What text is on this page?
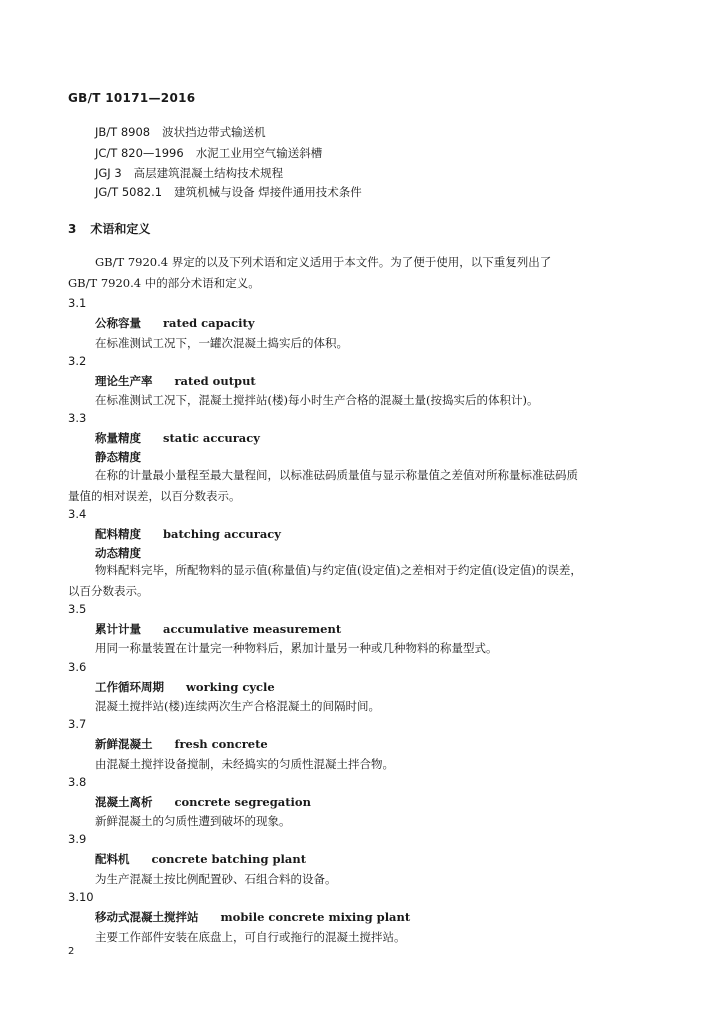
GB/T 10171—2016
JB/T 8908 波状挡边带式输送机
JC/T 820—1996 水泥工业用空气输送斜槽
JGJ 3 高层建筑混凝土结构技术规程
JG/T 5082.1 建筑机械与设备 焊接件通用技术条件
3 术语和定义
GB/T 7920.4 界定的以及下列术语和定义适用于本文件。为了便于使用，以下重复列出了
GB/T 7920.4 中的部分术语和定义。
3.1
公称容量 rated capacity
在标准测试工况下，一罐次混凝土捣实后的体积。
3.2
理论生产率 rated output
在标准测试工况下，混凝土搅拌站(楼)每小时生产合格的混凝土量(按捣实后的体积计)。
3.3
称量精度 static accuracy
静态精度
在称的计量最小量程至最大量程间，以标准砝码质量值与显示称量值之差值对所称量标准砝码质
量值的相对误差，以百分数表示。
3.4
配料精度 batching accuracy
动态精度
物料配料完毕，所配物料的显示值(称量值)与约定值(设定值)之差相对于约定值(设定值)的误差，
以百分数表示。
3.5
累计计量 accumulative measurement
用同一称量装置在计量完一种物料后，累加计量另一种或几种物料的称量型式。
3.6
工作循环周期 working cycle
混凝土搅拌站(楼)连续两次生产合格混凝土的间隔时间。
3.7
新鲜混凝土 fresh concrete
由混凝土搅拌设备搅制，未经捣实的匀质性混凝土拌合物。
3.8
混凝土离析 concrete segregation
新鲜混凝土的匀质性遭到破坏的现象。
3.9
配料机 concrete batching plant
为生产混凝土按比例配置砂、石组合料的设备。
3.10
移动式混凝土搅拌站 mobile concrete mixing plant
主要工作部件安装在底盘上，可自行或拖行的混凝土搅拌站。
2
